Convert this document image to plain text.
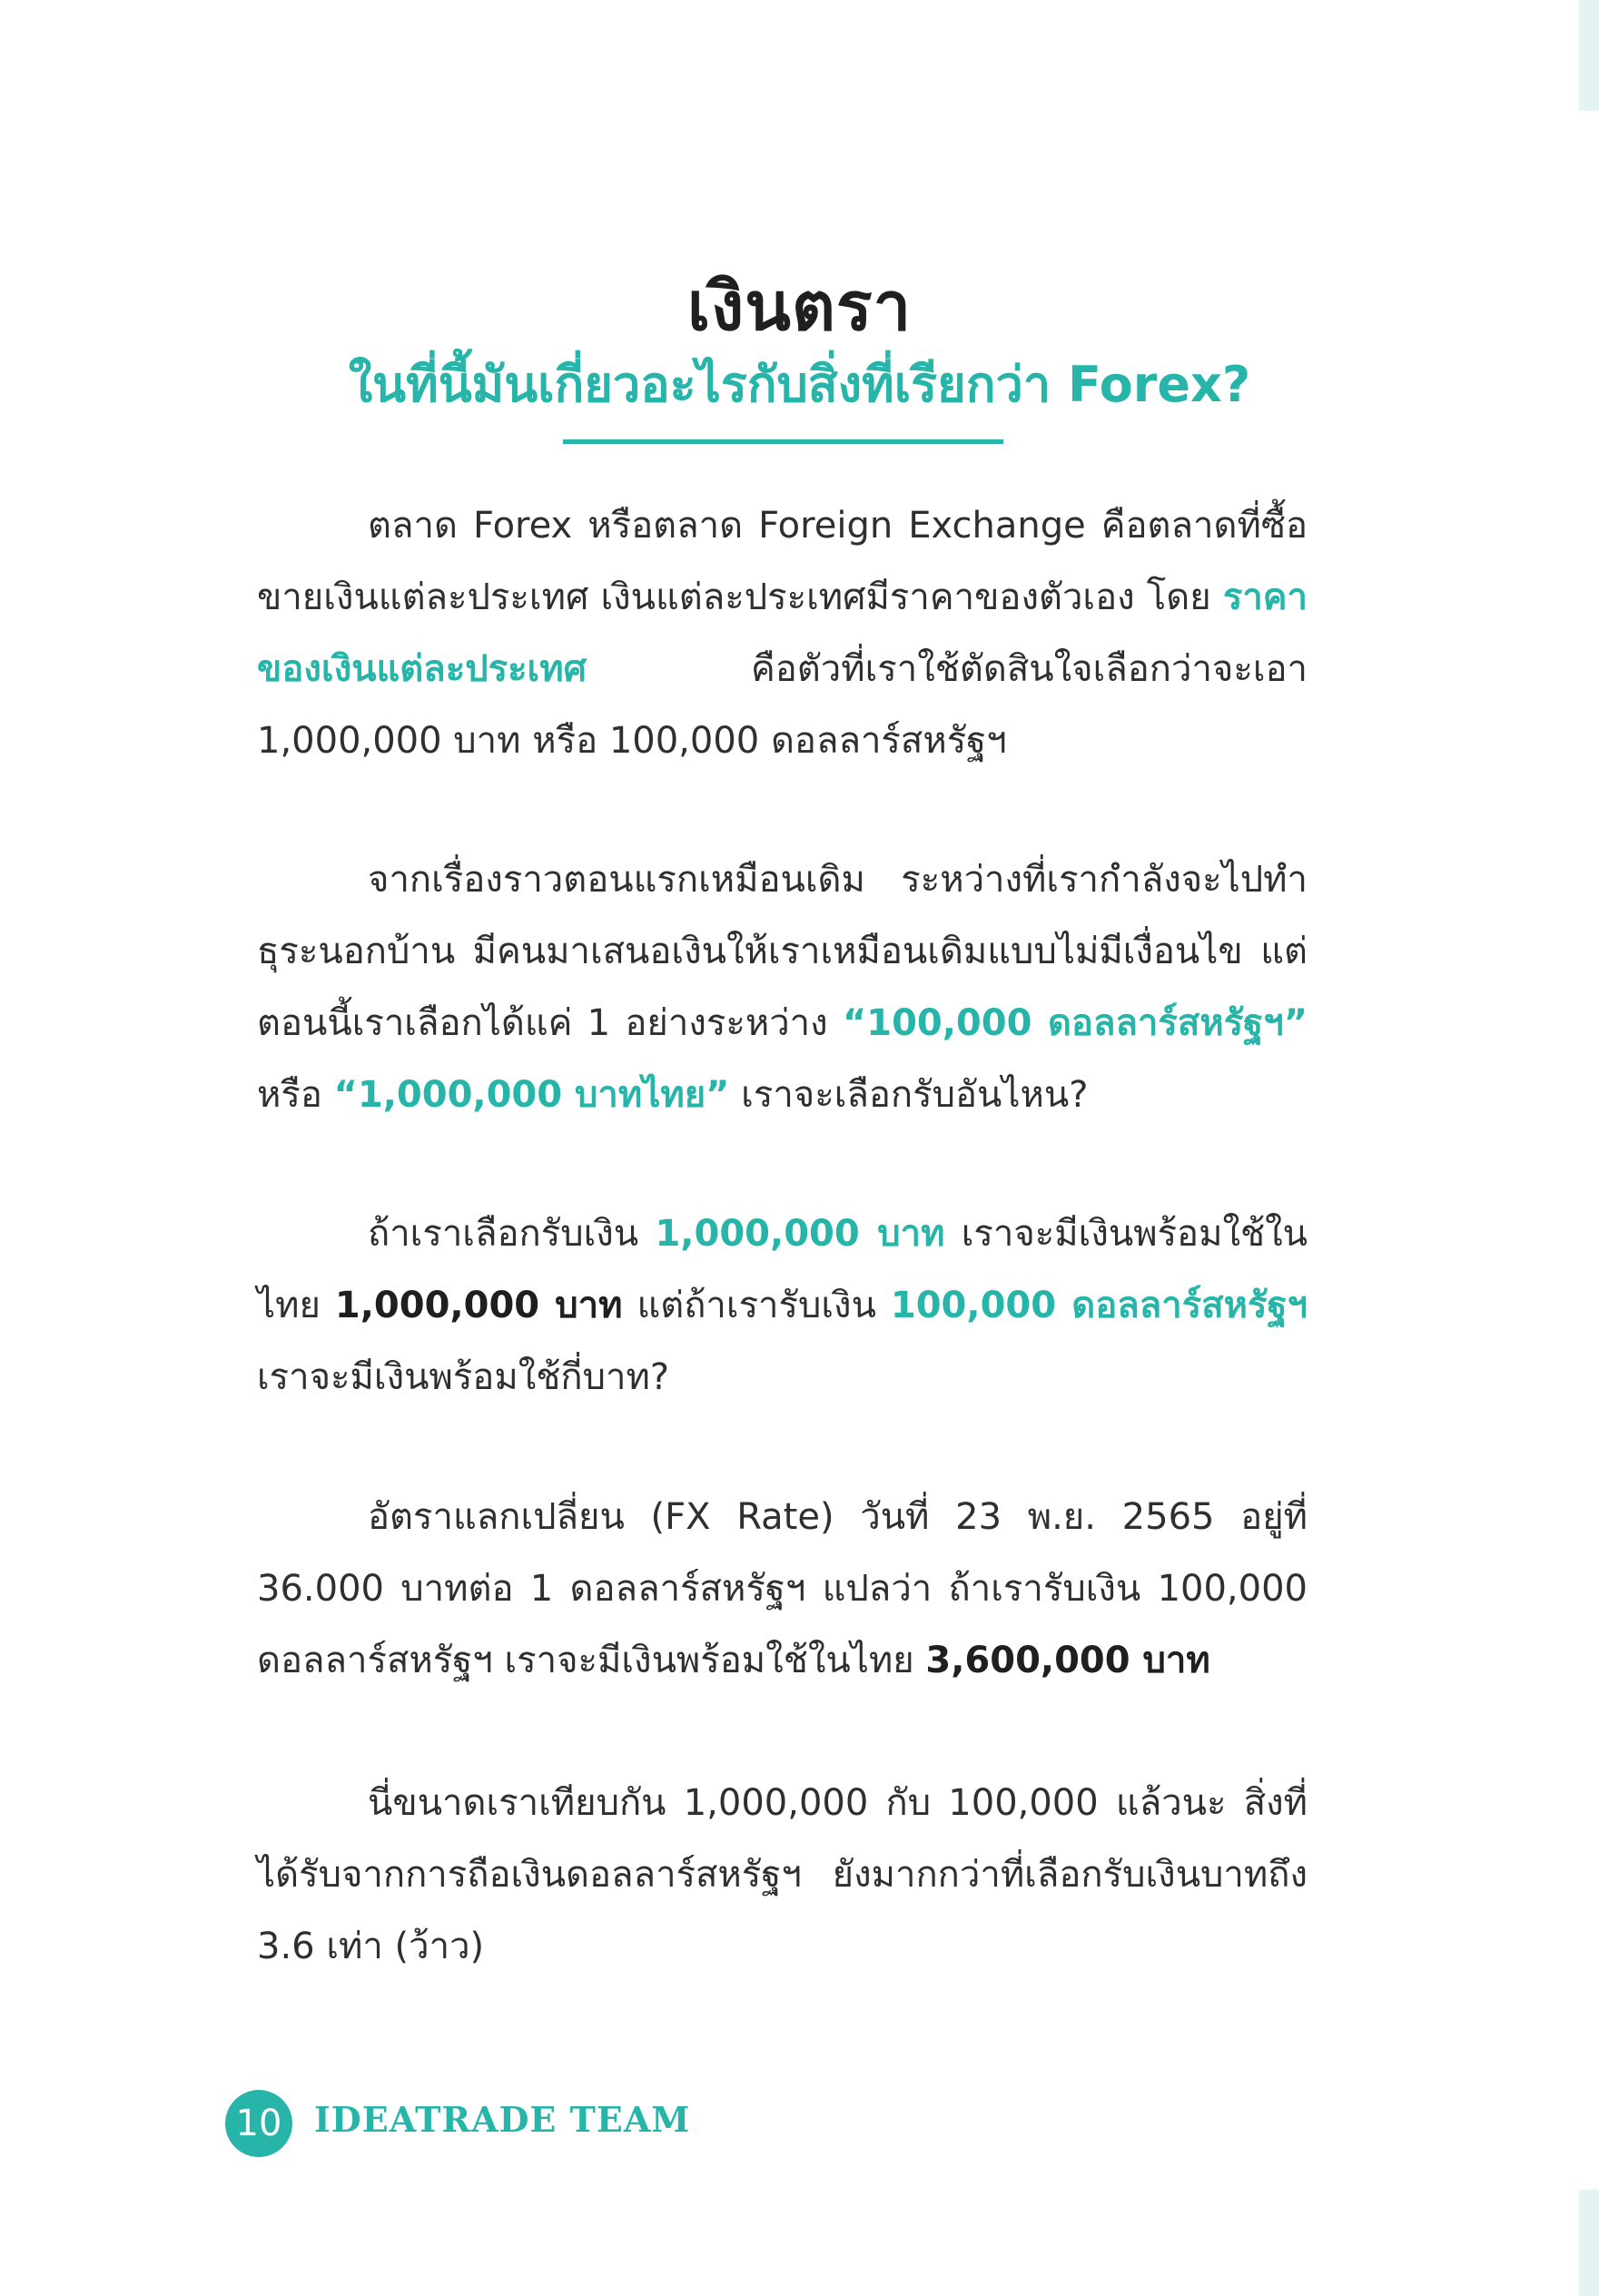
เงินตรา
ในที่นี้มันเกี่ยวอะไรกับสิ่งที่เรียกว่า Forex?

ตลาด Forex หรือตลาด Foreign Exchange คือตลาดที่ซื้อขายเงินแต่ละประเทศ เงินแต่ละประเทศมีราคาของตัวเอง โดย ราคาของเงินแต่ละประเทศ คือตัวที่เราใช้ตัดสินใจเลือกว่าจะเอา 1,000,000 บาท หรือ 100,000 ดอลลาร์สหรัฐฯ

จากเรื่องราวตอนแรกเหมือนเดิม ระหว่างที่เรากำลังจะไปทำธุระนอกบ้าน มีคนมาเสนอเงินให้เราเหมือนเดิมแบบไม่มีเงื่อนไข แต่ตอนนี้เราเลือกได้แค่ 1 อย่างระหว่าง “100,000 ดอลลาร์สหรัฐฯ” หรือ “1,000,000 บาทไทย” เราจะเลือกรับอันไหน?

ถ้าเราเลือกรับเงิน 1,000,000 บาท เราจะมีเงินพร้อมใช้ในไทย 1,000,000 บาท แต่ถ้าเรารับเงิน 100,000 ดอลลาร์สหรัฐฯ เราจะมีเงินพร้อมใช้กี่บาท?

อัตราแลกเปลี่ยน (FX Rate) วันที่ 23 พ.ย. 2565 อยู่ที่ 36.000 บาทต่อ 1 ดอลลาร์สหรัฐฯ แปลว่า ถ้าเรารับเงิน 100,000 ดอลลาร์สหรัฐฯ เราจะมีเงินพร้อมใช้ในไทย 3,600,000 บาท

นี่ขนาดเราเทียบกัน 1,000,000 กับ 100,000 แล้วนะ สิ่งที่ได้รับจากการถือเงินดอลลาร์สหรัฐฯ ยังมากกว่าที่เลือกรับเงินบาทถึง 3.6 เท่า (ว้าว)

10 IDEATRADE TEAM
